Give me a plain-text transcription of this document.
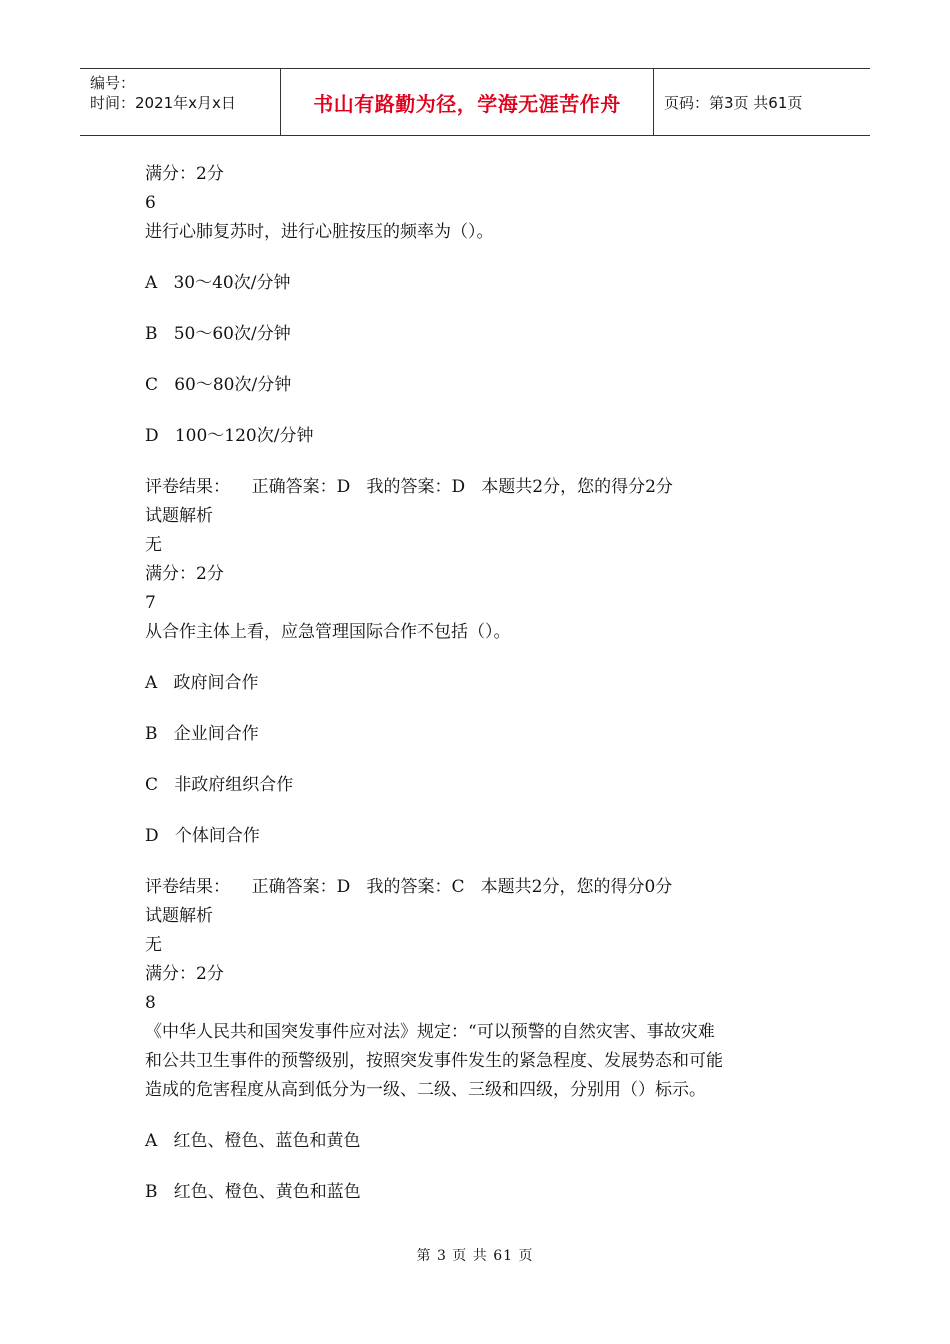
编号：
时间：2021年x月x日	书山有路勤为径，学海无涯苦作舟	页码：第3页 共61页
满分：2分
6
进行心肺复苏时，进行心脏按压的频率为（）。
A   30～40次/分钟
B   50～60次/分钟
C   60～80次/分钟
D   100～120次/分钟
评卷结果：    正确答案：D   我的答案：D   本题共2分，您的得分2分
试题解析
无
满分：2分
7
从合作主体上看，应急管理国际合作不包括（）。
A   政府间合作
B   企业间合作
C   非政府组织合作
D   个体间合作
评卷结果：    正确答案：D   我的答案：C   本题共2分，您的得分0分
试题解析
无
满分：2分
8
《中华人民共和国突发事件应对法》规定：“可以预警的自然灾害、事故灾难
和公共卫生事件的预警级别，按照突发事件发生的紧急程度、发展势态和可能
造成的危害程度从高到低分为一级、二级、三级和四级，分别用（）标示。
A   红色、橙色、蓝色和黄色
B   红色、橙色、黄色和蓝色
第 3 页 共 61 页
